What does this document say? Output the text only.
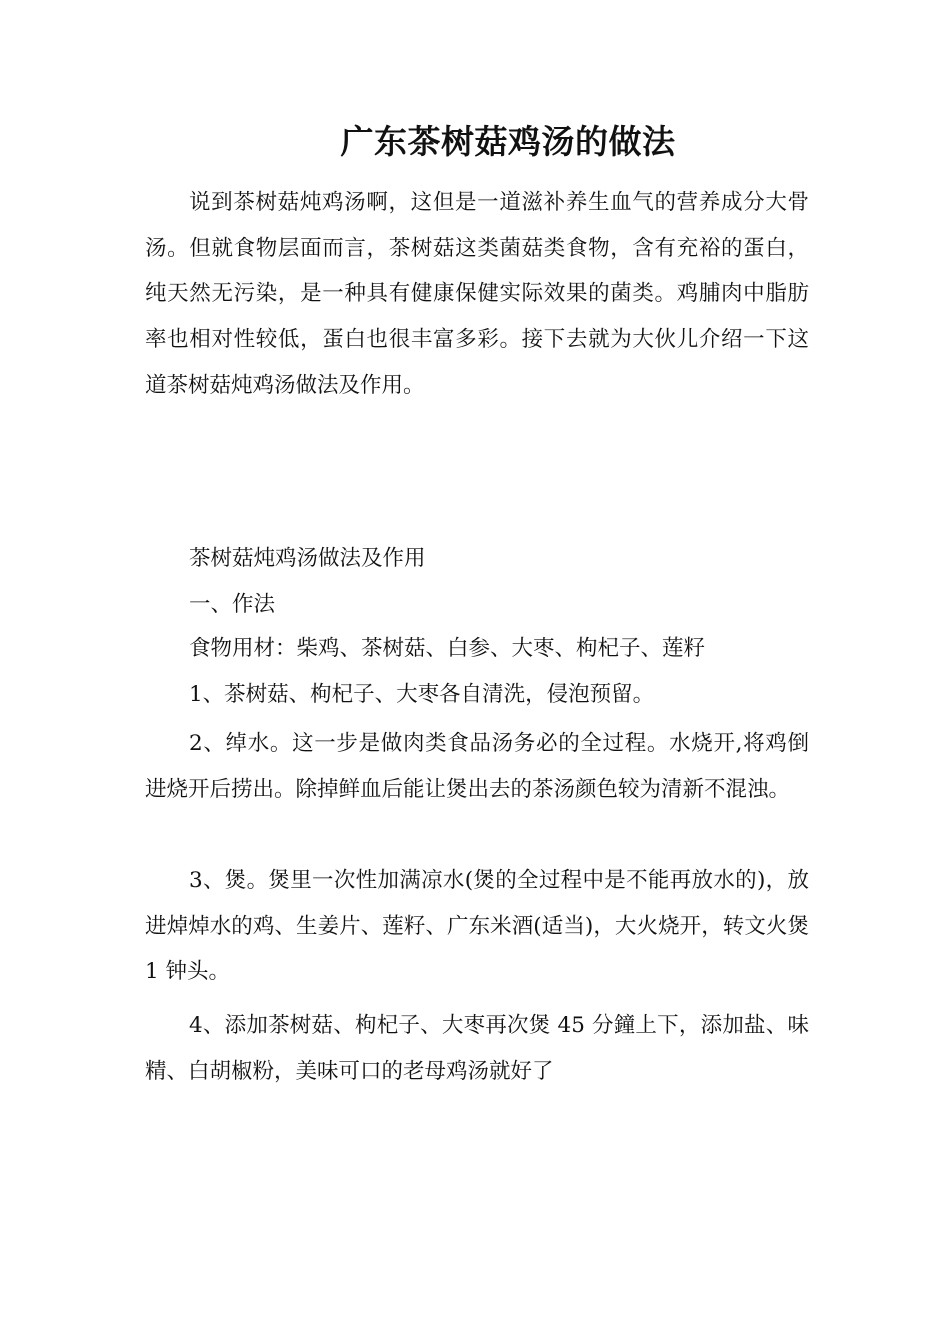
广东茶树菇鸡汤的做法

说到茶树菇炖鸡汤啊，这但是一道滋补养生血气的营养成分大骨汤。但就食物层面而言，茶树菇这类菌菇类食物，含有充裕的蛋白，纯天然无污染，是一种具有健康保健实际效果的菌类。鸡脯肉中脂肪率也相对性较低，蛋白也很丰富多彩。接下去就为大伙儿介绍一下这道茶树菇炖鸡汤做法及作用。

茶树菇炖鸡汤做法及作用

一、作法

食物用材：柴鸡、茶树菇、白参、大枣、枸杞子、莲籽

1、茶树菇、枸杞子、大枣各自清洗，侵泡预留。

2、绰水。这一步是做肉类食品汤务必的全过程。水烧开,将鸡倒进烧开后捞出。除掉鲜血后能让煲出去的茶汤颜色较为清新不混浊。

3、煲。煲里一次性加满凉水(煲的全过程中是不能再放水的)，放进焯焯水的鸡、生姜片、莲籽、广东米酒(适当)，大火烧开，转文火煲 1 钟头。

4、添加茶树菇、枸杞子、大枣再次煲 45 分鐘上下，添加盐、味精、白胡椒粉，美味可口的老母鸡汤就好了
